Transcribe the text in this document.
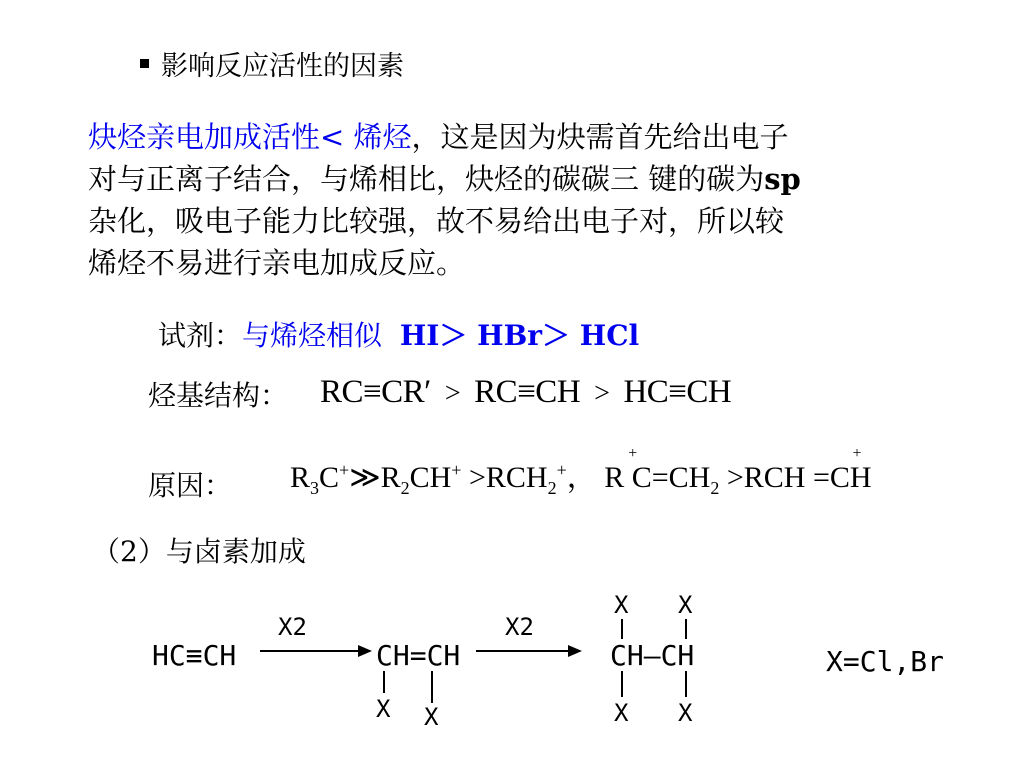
影响反应活性的因素
炔烃亲电加成活性< 烯烃，这是因为炔需首先给出电子
对与正离子结合，与烯相比，炔烃的碳碳三 键的碳为sp
杂化，吸电子能力比较强，故不易给出电子对，所以较
烯烃不易进行亲电加成反应。
试剂：与烯烃相似 HI＞ HBr＞ HCl
烃基结构： RC≡CR′ > RC≡CH > HC≡CH
原因： $R_3C^+≫R_2CH^+ >RCH_2^+$， R $C=CH_2$
+
>RCH =CH
+
（2）与卤素加成
HC≡CH
X2
CH=CH
X X
X2
X X
CH—CH
X X
X=Cl,Br
